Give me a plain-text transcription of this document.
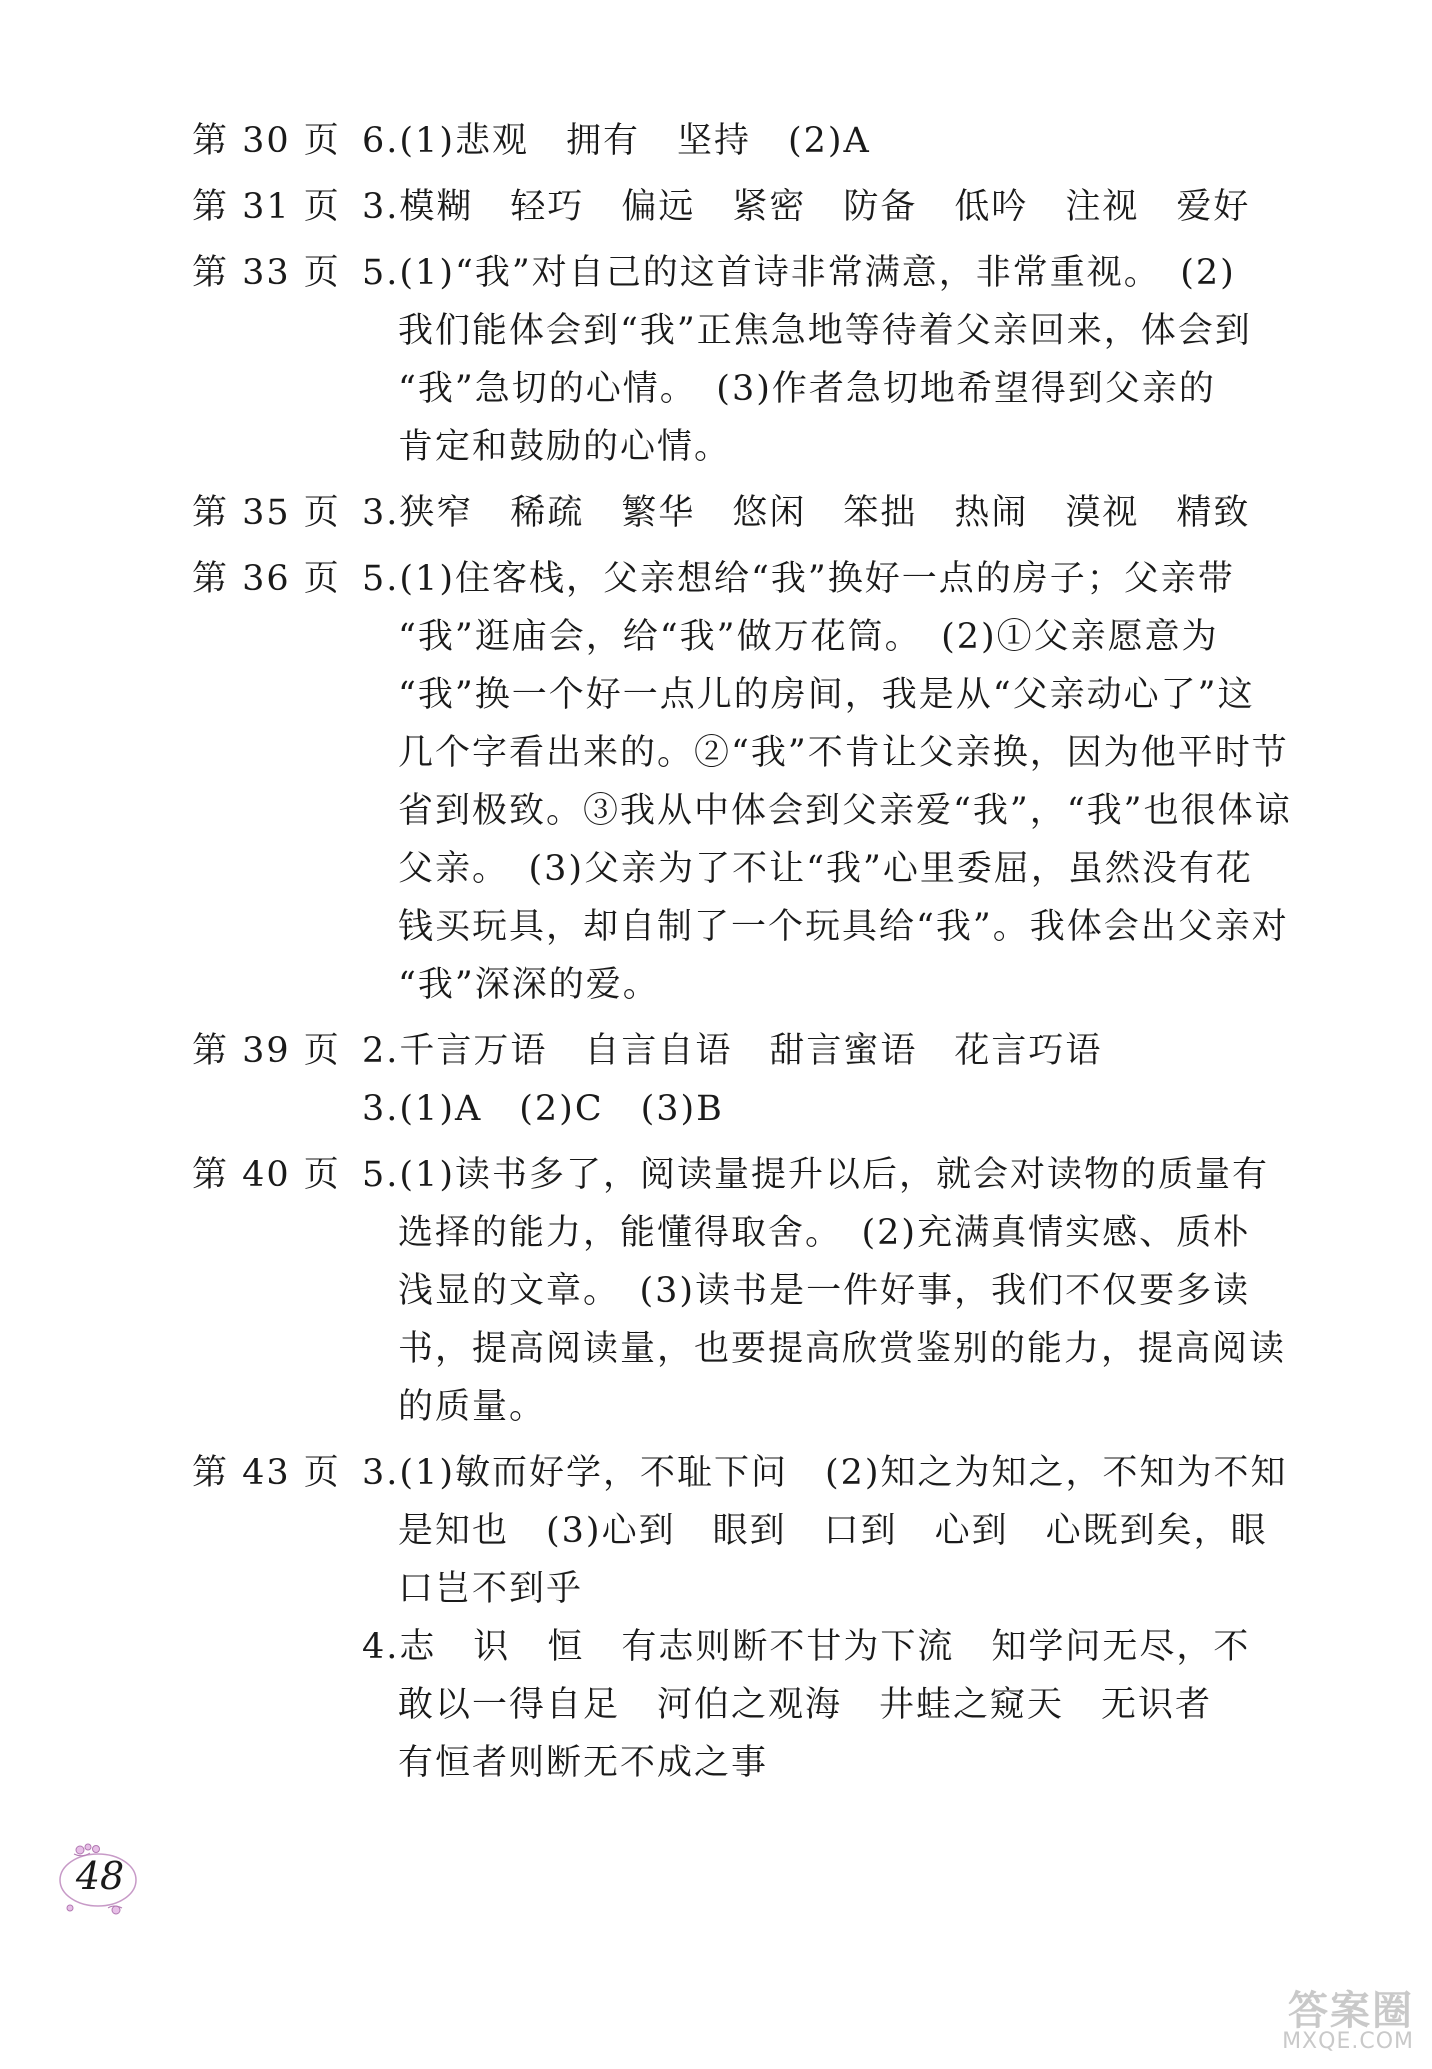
第 30 页 6.(1)悲观　拥有　坚持　(2)A
第 31 页 3.模糊　轻巧　偏远　紧密　防备　低吟　注视　爱好
第 33 页 5.(1)“我”对自己的这首诗非常满意，非常重视。　(2)
我们能体会到“我”正焦急地等待着父亲回来，体会到
“我”急切的心情。　(3)作者急切地希望得到父亲的
肯定和鼓励的心情。
第 35 页 3.狭窄　稀疏　繁华　悠闲　笨拙　热闹　漠视　精致
第 36 页 5.(1)住客栈，父亲想给“我”换好一点的房子；父亲带
“我”逛庙会，给“我”做万花筒。　(2)①父亲愿意为
“我”换一个好一点儿的房间，我是从“父亲动心了”这
几个字看出来的。②“我”不肯让父亲换，因为他平时节
省到极致。③我从中体会到父亲爱“我”，“我”也很体谅
父亲。　(3)父亲为了不让“我”心里委屈，虽然没有花
钱买玩具，却自制了一个玩具给“我”。我体会出父亲对
“我”深深的爱。
第 39 页 2.千言万语　自言自语　甜言蜜语　花言巧语
3.(1)A　(2)C　(3)B
第 40 页 5.(1)读书多了，阅读量提升以后，就会对读物的质量有
选择的能力，能懂得取舍。　(2)充满真情实感、质朴
浅显的文章。　(3)读书是一件好事，我们不仅要多读
书，提高阅读量，也要提高欣赏鉴别的能力，提高阅读
的质量。
第 43 页 3.(1)敏而好学，不耻下问　(2)知之为知之，不知为不知
是知也　(3)心到　眼到　口到　心到　心既到矣，眼
口岂不到乎
4.志　识　恒　有志则断不甘为下流　知学问无尽，不
敢以一得自足　河伯之观海　井蛙之窥天　无识者
有恒者则断无不成之事
48
答案圈
MXQE.COM
